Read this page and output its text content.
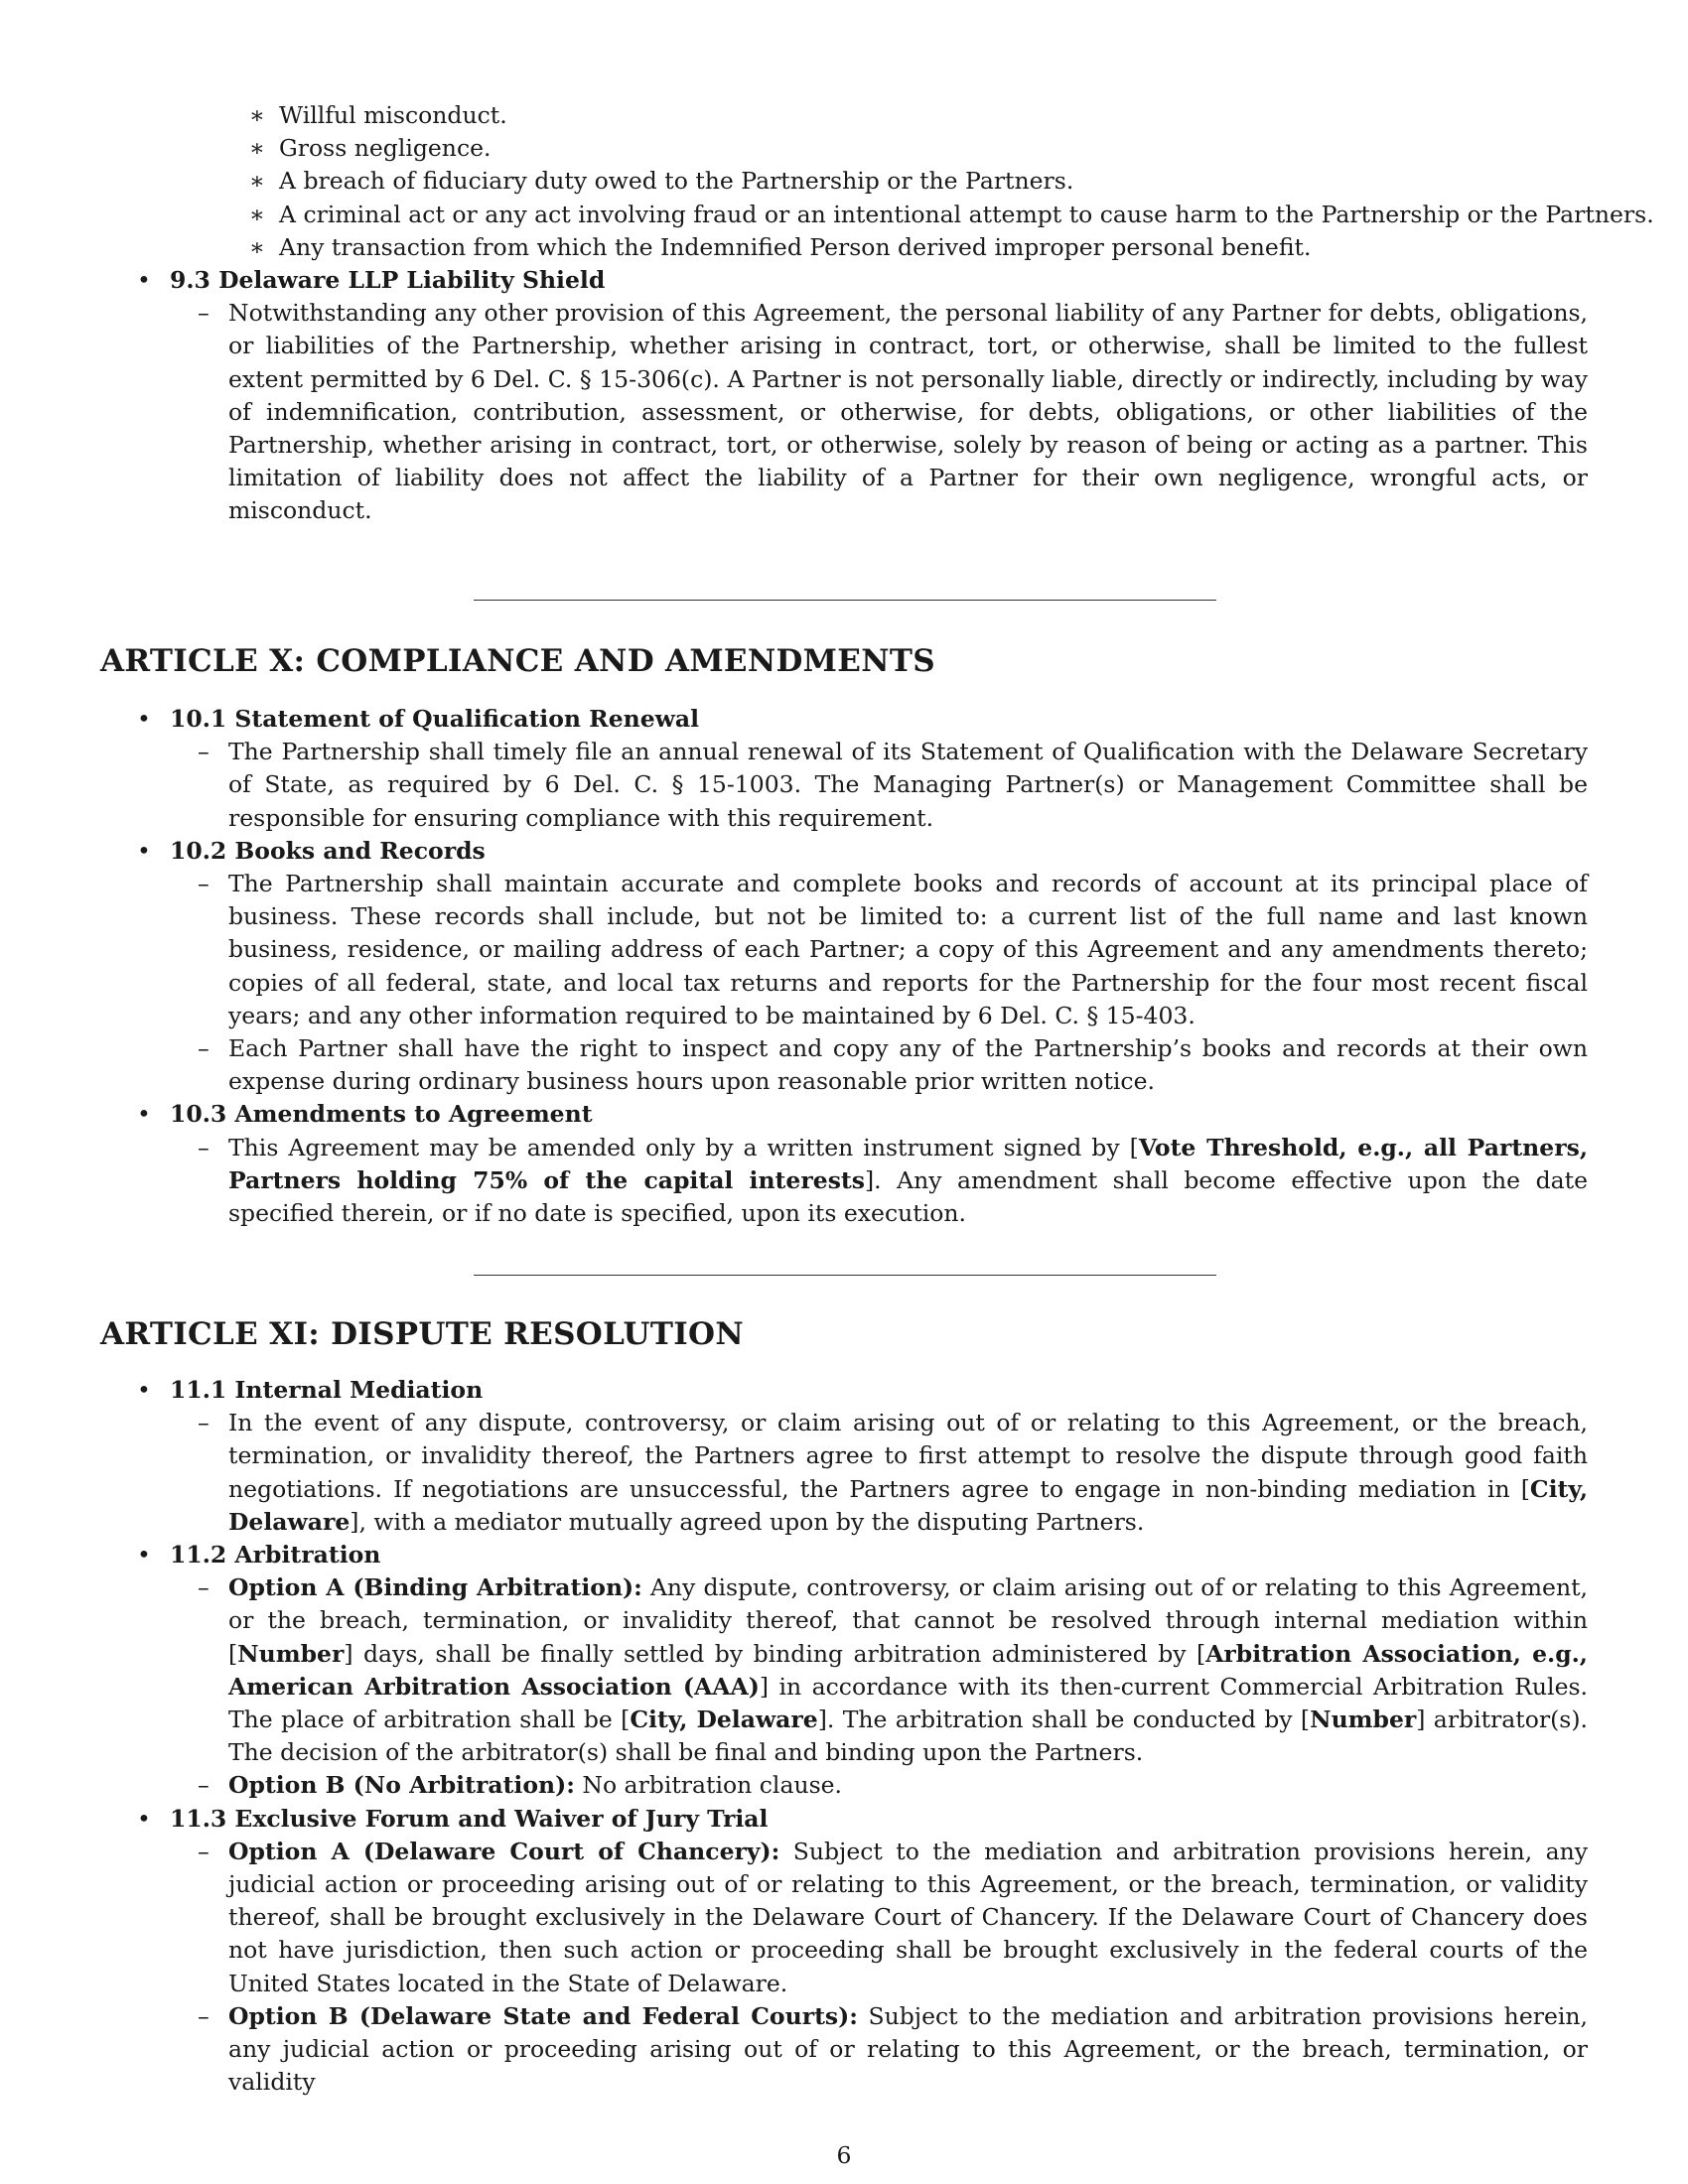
∗ Willful misconduct.
∗ Gross negligence.
∗ A breach of fiduciary duty owed to the Partnership or the Partners.
∗ A criminal act or any act involving fraud or an intentional attempt to cause harm to the Partnership or the Partners.
∗ Any transaction from which the Indemnified Person derived improper personal benefit.
• 9.3 Delaware LLP Liability Shield
– Notwithstanding any other provision of this Agreement, the personal liability of any Partner for debts, obligations, or liabilities of the Partnership, whether arising in contract, tort, or otherwise, shall be limited to the fullest extent permitted by 6 Del. C. § 15-306(c). A Partner is not personally liable, directly or indirectly, including by way of indemnification, contribution, assessment, or otherwise, for debts, obligations, or other liabilities of the Partnership, whether arising in contract, tort, or otherwise, solely by reason of being or acting as a partner. This limitation of liability does not affect the liability of a Partner for their own negligence, wrongful acts, or misconduct.
ARTICLE X: COMPLIANCE AND AMENDMENTS
• 10.1 Statement of Qualification Renewal
– The Partnership shall timely file an annual renewal of its Statement of Qualification with the Delaware Secretary of State, as required by 6 Del. C. § 15-1003. The Managing Partner(s) or Management Committee shall be responsible for ensuring compliance with this requirement.
• 10.2 Books and Records
– The Partnership shall maintain accurate and complete books and records of account at its principal place of business. These records shall include, but not be limited to: a current list of the full name and last known business, residence, or mailing address of each Partner; a copy of this Agreement and any amendments thereto; copies of all federal, state, and local tax returns and reports for the Partnership for the four most recent fiscal years; and any other information required to be maintained by 6 Del. C. § 15-403.
– Each Partner shall have the right to inspect and copy any of the Partnership’s books and records at their own expense during ordinary business hours upon reasonable prior written notice.
• 10.3 Amendments to Agreement
– This Agreement may be amended only by a written instrument signed by [Vote Threshold, e.g., all Partners, Partners holding 75% of the capital interests]. Any amendment shall become effective upon the date specified therein, or if no date is specified, upon its execution.
ARTICLE XI: DISPUTE RESOLUTION
• 11.1 Internal Mediation
– In the event of any dispute, controversy, or claim arising out of or relating to this Agreement, or the breach, termination, or invalidity thereof, the Partners agree to first attempt to resolve the dispute through good faith negotiations. If negotiations are unsuccessful, the Partners agree to engage in non-binding mediation in [City, Delaware], with a mediator mutually agreed upon by the disputing Partners.
• 11.2 Arbitration
– Option A (Binding Arbitration): Any dispute, controversy, or claim arising out of or relating to this Agreement, or the breach, termination, or invalidity thereof, that cannot be resolved through internal mediation within [Number] days, shall be finally settled by binding arbitration administered by [Arbitration Association, e.g., American Arbitration Association (AAA)] in accordance with its then-current Commercial Arbitration Rules. The place of arbitration shall be [City, Delaware]. The arbitration shall be conducted by [Number] arbitrator(s). The decision of the arbitrator(s) shall be final and binding upon the Partners.
– Option B (No Arbitration): No arbitration clause.
• 11.3 Exclusive Forum and Waiver of Jury Trial
– Option A (Delaware Court of Chancery): Subject to the mediation and arbitration provisions herein, any judicial action or proceeding arising out of or relating to this Agreement, or the breach, termination, or validity thereof, shall be brought exclusively in the Delaware Court of Chancery. If the Delaware Court of Chancery does not have jurisdiction, then such action or proceeding shall be brought exclusively in the federal courts of the United States located in the State of Delaware.
– Option B (Delaware State and Federal Courts): Subject to the mediation and arbitration provisions herein, any judicial action or proceeding arising out of or relating to this Agreement, or the breach, termination, or validity
6
